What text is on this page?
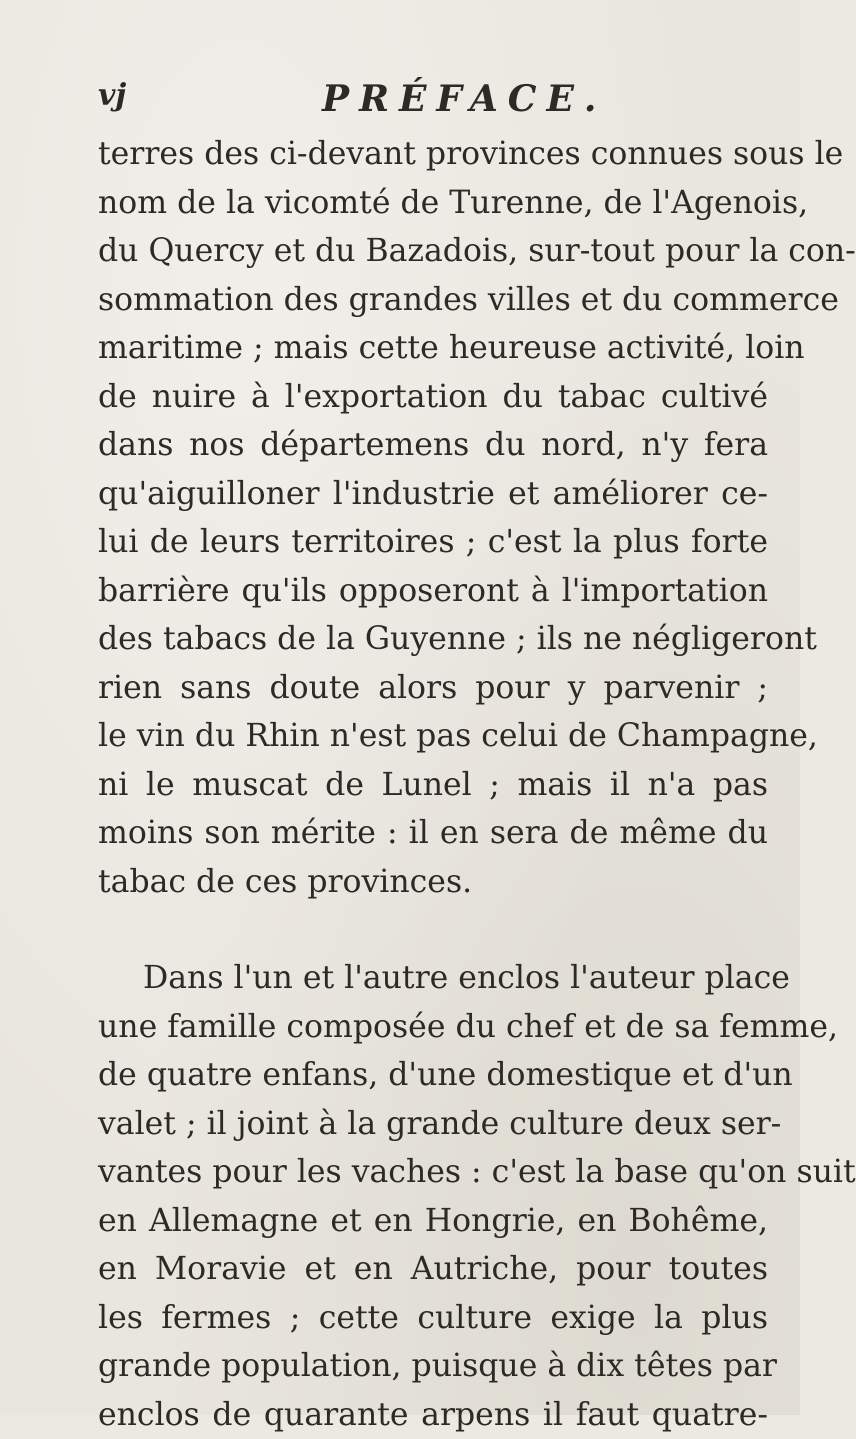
vj	PRÉFACE.
terres des ci-devant provinces connues sous le
nom de la vicomté de Turenne, de l'Agenois,
du Quercy et du Bazadois, sur-tout pour la con-
sommation des grandes villes et du commerce
maritime ; mais cette heureuse activité, loin
de nuire à l'exportation du tabac cultivé
dans nos départemens du nord, n'y fera
qu'aiguilloner l'industrie et améliorer ce-
lui de leurs territoires ; c'est la plus forte
barrière qu'ils opposeront à l'importation
des tabacs de la Guyenne ; ils ne négligeront
rien sans doute alors pour y parvenir ;
le vin du Rhin n'est pas celui de Champagne,
ni le muscat de Lunel ; mais il n'a pas
moins son mérite : il en sera de même du
tabac de ces provinces.
Dans l'un et l'autre enclos l'auteur place
une famille composée du chef et de sa femme,
de quatre enfans, d'une domestique et d'un
valet ; il joint à la grande culture deux ser-
vantes pour les vaches : c'est la base qu'on suit
en Allemagne et en Hongrie, en Bohême,
en Moravie et en Autriche, pour toutes
les fermes ; cette culture exige la plus
grande population, puisque à dix têtes par
enclos de quarante arpens il faut quatre-
